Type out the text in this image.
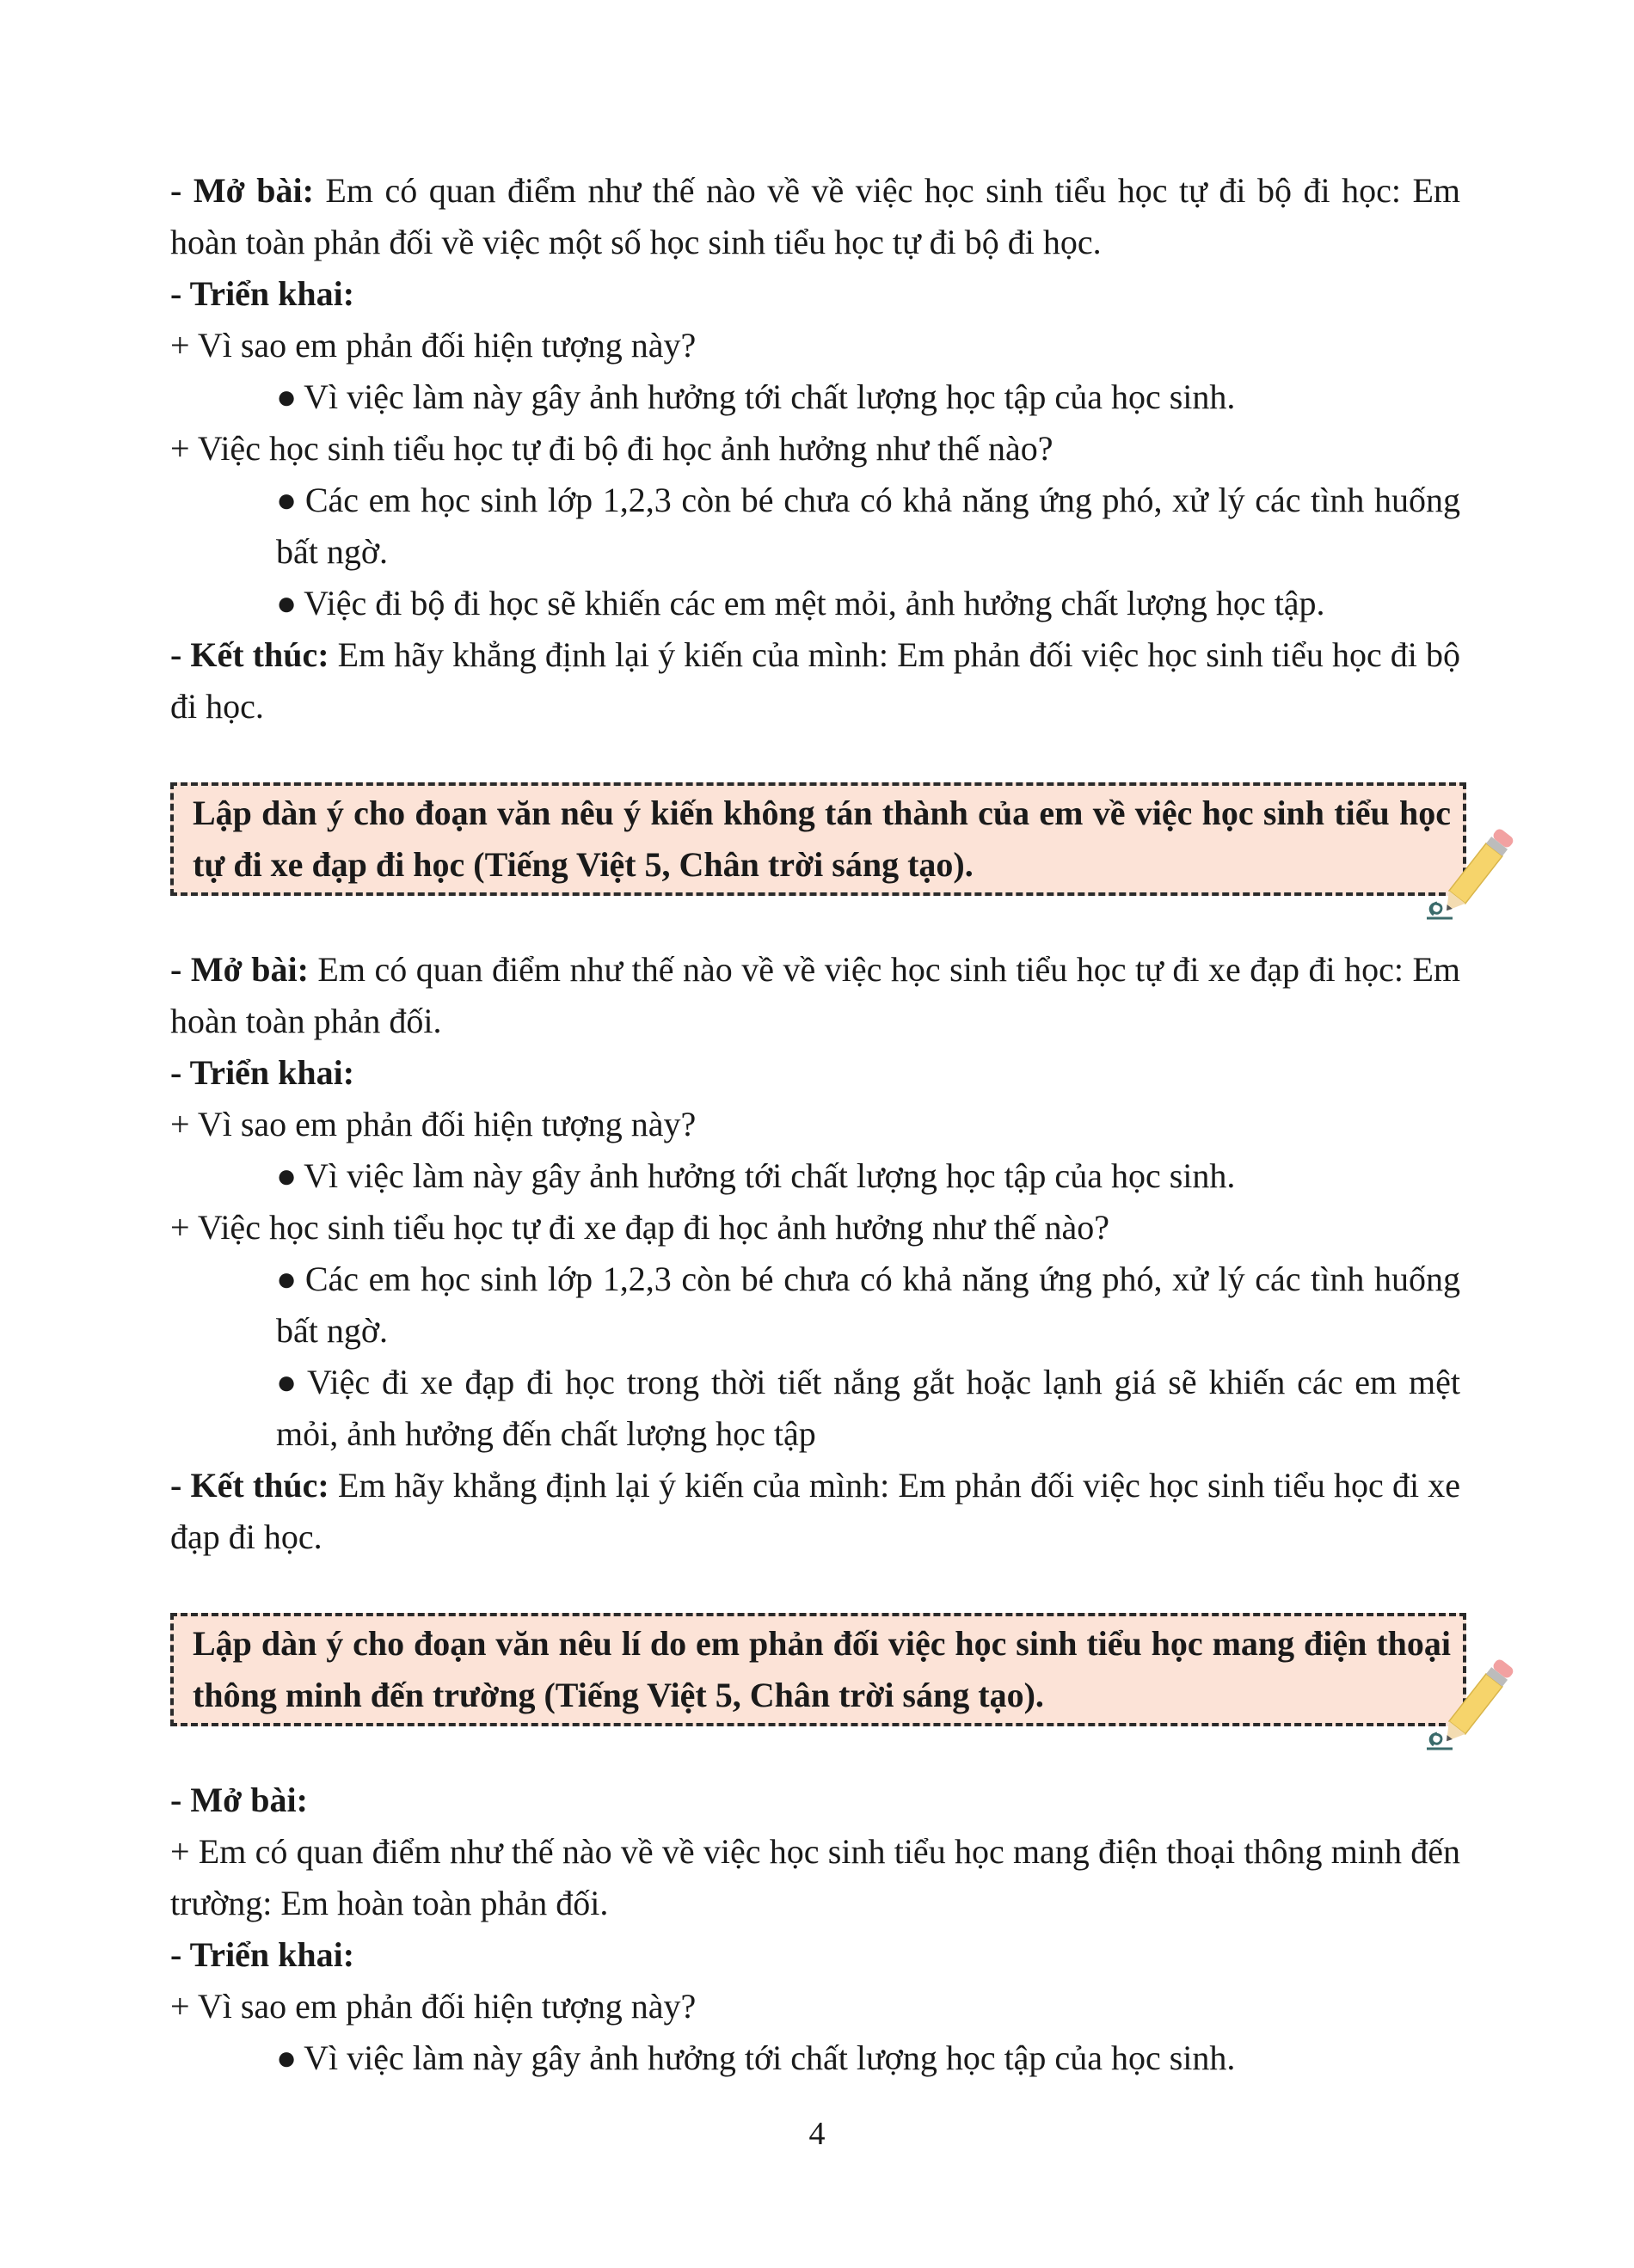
- Mở bài: Em có quan điểm như thế nào về về việc học sinh tiểu học tự đi bộ đi học: Em hoàn toàn phản đối về việc một số học sinh tiểu học tự đi bộ đi học.

- Triển khai:

+ Vì sao em phản đối hiện tượng này?

● Vì việc làm này gây ảnh hưởng tới chất lượng học tập của học sinh.

+ Việc học sinh tiểu học tự đi bộ đi học ảnh hưởng như thế nào?

● Các em học sinh lớp 1,2,3 còn bé chưa có khả năng ứng phó, xử lý các tình huống bất ngờ.

● Việc đi bộ đi học sẽ khiến các em mệt mỏi, ảnh hưởng chất lượng học tập.

- Kết thúc: Em hãy khẳng định lại ý kiến của mình: Em phản đối việc học sinh tiểu học đi bộ đi học.

Lập dàn ý cho đoạn văn nêu ý kiến không tán thành của em về việc học sinh tiểu học tự đi xe đạp đi học (Tiếng Việt 5, Chân trời sáng tạo).

- Mở bài: Em có quan điểm như thế nào về về việc học sinh tiểu học tự đi xe đạp đi học: Em hoàn toàn phản đối.

- Triển khai:

+ Vì sao em phản đối hiện tượng này?

● Vì việc làm này gây ảnh hưởng tới chất lượng học tập của học sinh.

+ Việc học sinh tiểu học tự đi xe đạp đi học ảnh hưởng như thế nào?

● Các em học sinh lớp 1,2,3 còn bé chưa có khả năng ứng phó, xử lý các tình huống bất ngờ.

● Việc đi xe đạp đi học trong thời tiết nắng gắt hoặc lạnh giá sẽ khiến các em mệt mỏi, ảnh hưởng đến chất lượng học tập

- Kết thúc: Em hãy khẳng định lại ý kiến của mình: Em phản đối việc học sinh tiểu học đi xe đạp đi học.

Lập dàn ý cho đoạn văn nêu lí do em phản đối việc học sinh tiểu học mang điện thoại thông minh đến trường (Tiếng Việt 5, Chân trời sáng tạo).

- Mở bài:

+ Em có quan điểm như thế nào về về việc học sinh tiểu học mang điện thoại thông minh đến trường: Em hoàn toàn phản đối.

- Triển khai:

+ Vì sao em phản đối hiện tượng này?

● Vì việc làm này gây ảnh hưởng tới chất lượng học tập của học sinh.

4
